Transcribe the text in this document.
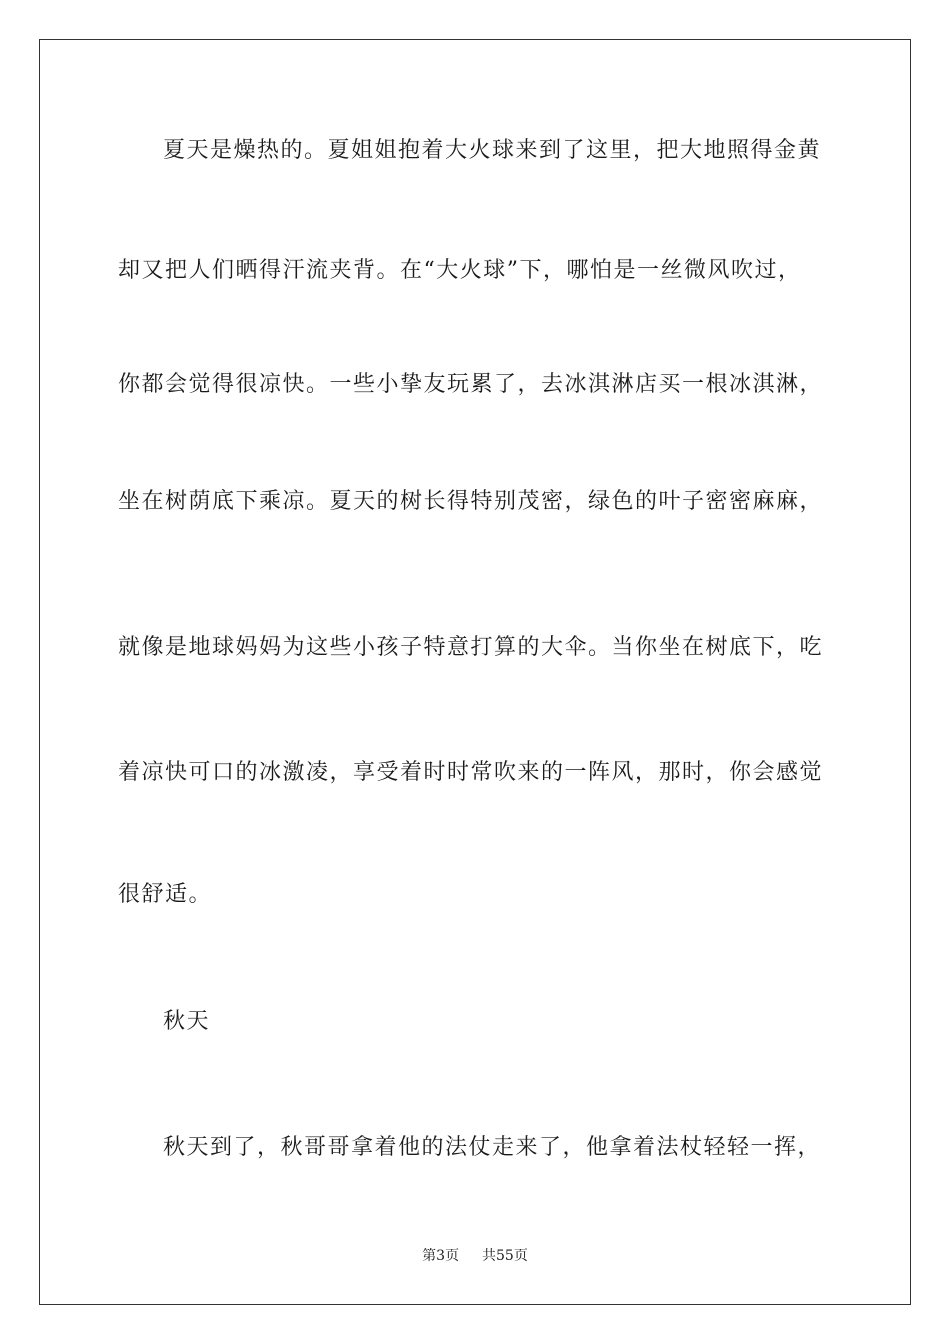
夏天是燥热的。夏姐姐抱着大火球来到了这里，把大地照得金黄
却又把人们晒得汗流夹背。在“大火球”下，哪怕是一丝微风吹过，
你都会觉得很凉快。一些小挚友玩累了，去冰淇淋店买一根冰淇淋，
坐在树荫底下乘凉。夏天的树长得特别茂密，绿色的叶子密密麻麻，
就像是地球妈妈为这些小孩子特意打算的大伞。当你坐在树底下，吃
着凉快可口的冰激凌，享受着时时常吹来的一阵风，那时，你会感觉
很舒适。
秋天
秋天到了，秋哥哥拿着他的法仗走来了，他拿着法杖轻轻一挥，
第3页 共55页
